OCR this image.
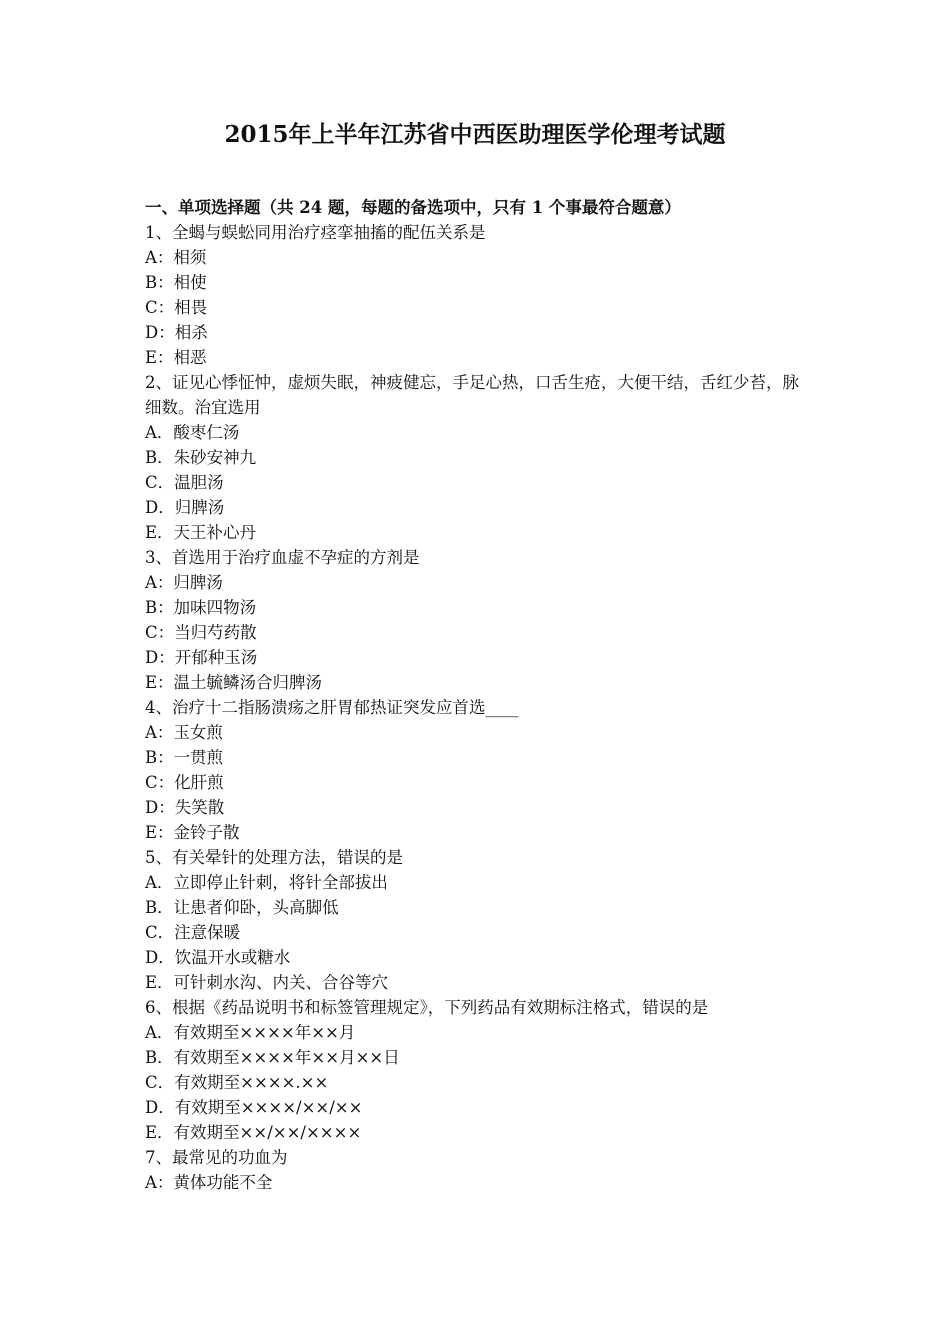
2015年上半年江苏省中西医助理医学伦理考试题

一、单项选择题（共 24 题，每题的备选项中，只有 1 个事最符合题意）

1、全蝎与蜈蚣同用治疗痉挛抽搐的配伍关系是

A：相须

B：相使

C：相畏

D：相杀

E：相恶

2、证见心悸怔忡，虚烦失眠，神疲健忘，手足心热，口舌生疮，大便干结，舌红少苔，脉细数。治宜选用

A．酸枣仁汤

B．朱砂安神九

C．温胆汤

D．归脾汤

E．天王补心丹

3、首选用于治疗血虚不孕症的方剂是

A：归脾汤

B：加味四物汤

C：当归芍药散

D：开郁种玉汤

E：温土毓鳞汤合归脾汤

4、治疗十二指肠溃疡之肝胃郁热证突发应首选____

A：玉女煎

B：一贯煎

C：化肝煎

D：失笑散

E：金铃子散

5、有关晕针的处理方法，错误的是

A．立即停止针刺，将针全部拔出

B．让患者仰卧，头高脚低

C．注意保暖

D．饮温开水或糖水

E．可针刺水沟、内关、合谷等穴

6、根据《药品说明书和标签管理规定》，下列药品有效期标注格式，错误的是

A．有效期至××××年××月

B．有效期至××××年××月××日

C．有效期至××××.××

D．有效期至××××/××/××

E．有效期至××/××/××××

7、最常见的功血为

A：黄体功能不全
